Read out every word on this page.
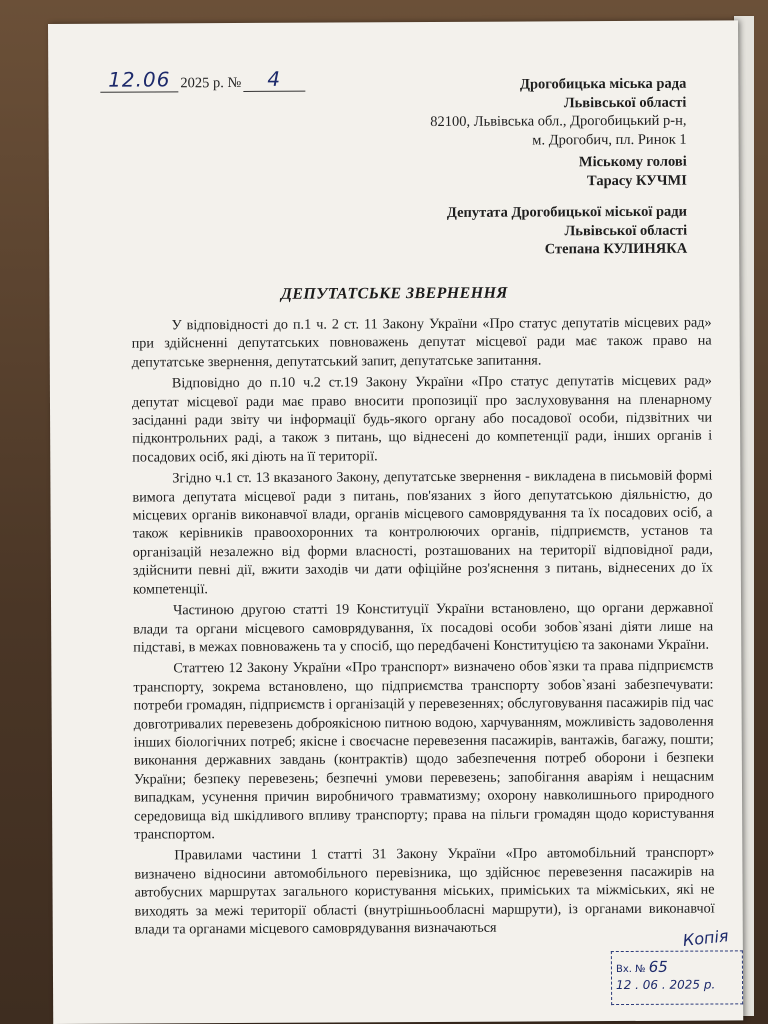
12.06 2025 р. №	4	Дрогобицька міська рада
Львівської області
82100, Львівська обл., Дрогобицький р-н,
м. Дрогобич, пл. Ринок 1
Міському голові
Тарасу КУЧМІ
Депутата Дрогобицької міської ради
Львівської області
Степана КУЛИНЯКА
ДЕПУТАТСЬКЕ ЗВЕРНЕННЯ

У відповідності до п.1 ч. 2 ст. 11 Закону України «Про статус депутатів місцевих рад» при здійсненні депутатських повноважень депутат місцевої ради має також право на депутатське звернення, депутатський запит, депутатське запитання.

Відповідно до п.10 ч.2 ст.19 Закону України «Про статус депутатів місцевих рад» депутат місцевої ради має право вносити пропозиції про заслуховування на пленарному засіданні ради звіту чи інформації будь-якого органу або посадової особи, підзвітних чи підконтрольних раді, а також з питань, що віднесені до компетенції ради, інших органів і посадових осіб, які діють на її території.

Згідно ч.1 ст. 13 вказаного Закону, депутатське звернення - викладена в письмовій формі вимога депутата місцевої ради з питань, пов'язаних з його депутатською діяльністю, до місцевих органів виконавчої влади, органів місцевого самоврядування та їх посадових осіб, а також керівників правоохоронних та контролюючих органів, підприємств, установ та організацій незалежно від форми власності, розташованих на території відповідної ради, здійснити певні дії, вжити заходів чи дати офіційне роз'яснення з питань, віднесених до їх компетенції.

Частиною другою статті 19 Конституції України встановлено, що органи державної влади та органи місцевого самоврядування, їх посадові особи зобов`язані діяти лише на підставі, в межах повноважень та у спосіб, що передбачені Конституцією та законами України.

Статтею 12 Закону України «Про транспорт» визначено обов`язки та права підприємств транспорту, зокрема встановлено, що підприємства транспорту зобов`язані забезпечувати: потреби громадян, підприємств і організацій у перевезеннях; обслуговування пасажирів під час довготривалих перевезень доброякісною питною водою, харчуванням, можливість задоволення інших біологічних потреб; якісне і своєчасне перевезення пасажирів, вантажів, багажу, пошти; виконання державних завдань (контрактів) щодо забезпечення потреб оборони і безпеки України; безпеку перевезень; безпечні умови перевезень; запобігання аваріям і нещасним випадкам, усунення причин виробничого травматизму; охорону навколишнього природного середовища від шкідливого впливу транспорту; права на пільги громадян щодо користування транспортом.

Правилами частини 1 статті 31 Закону України «Про автомобільний транспорт» визначено відносини автомобільного перевізника, що здійснює перевезення пасажирів на автобусних маршрутах загального користування міських, приміських та міжміських, які не виходять за межі території області (внутрішньообласні маршрути), із органами виконавчої влади та органами місцевого самоврядування визначаються	Копія
Вх. № 65
12 . 06 . 2025 р.
